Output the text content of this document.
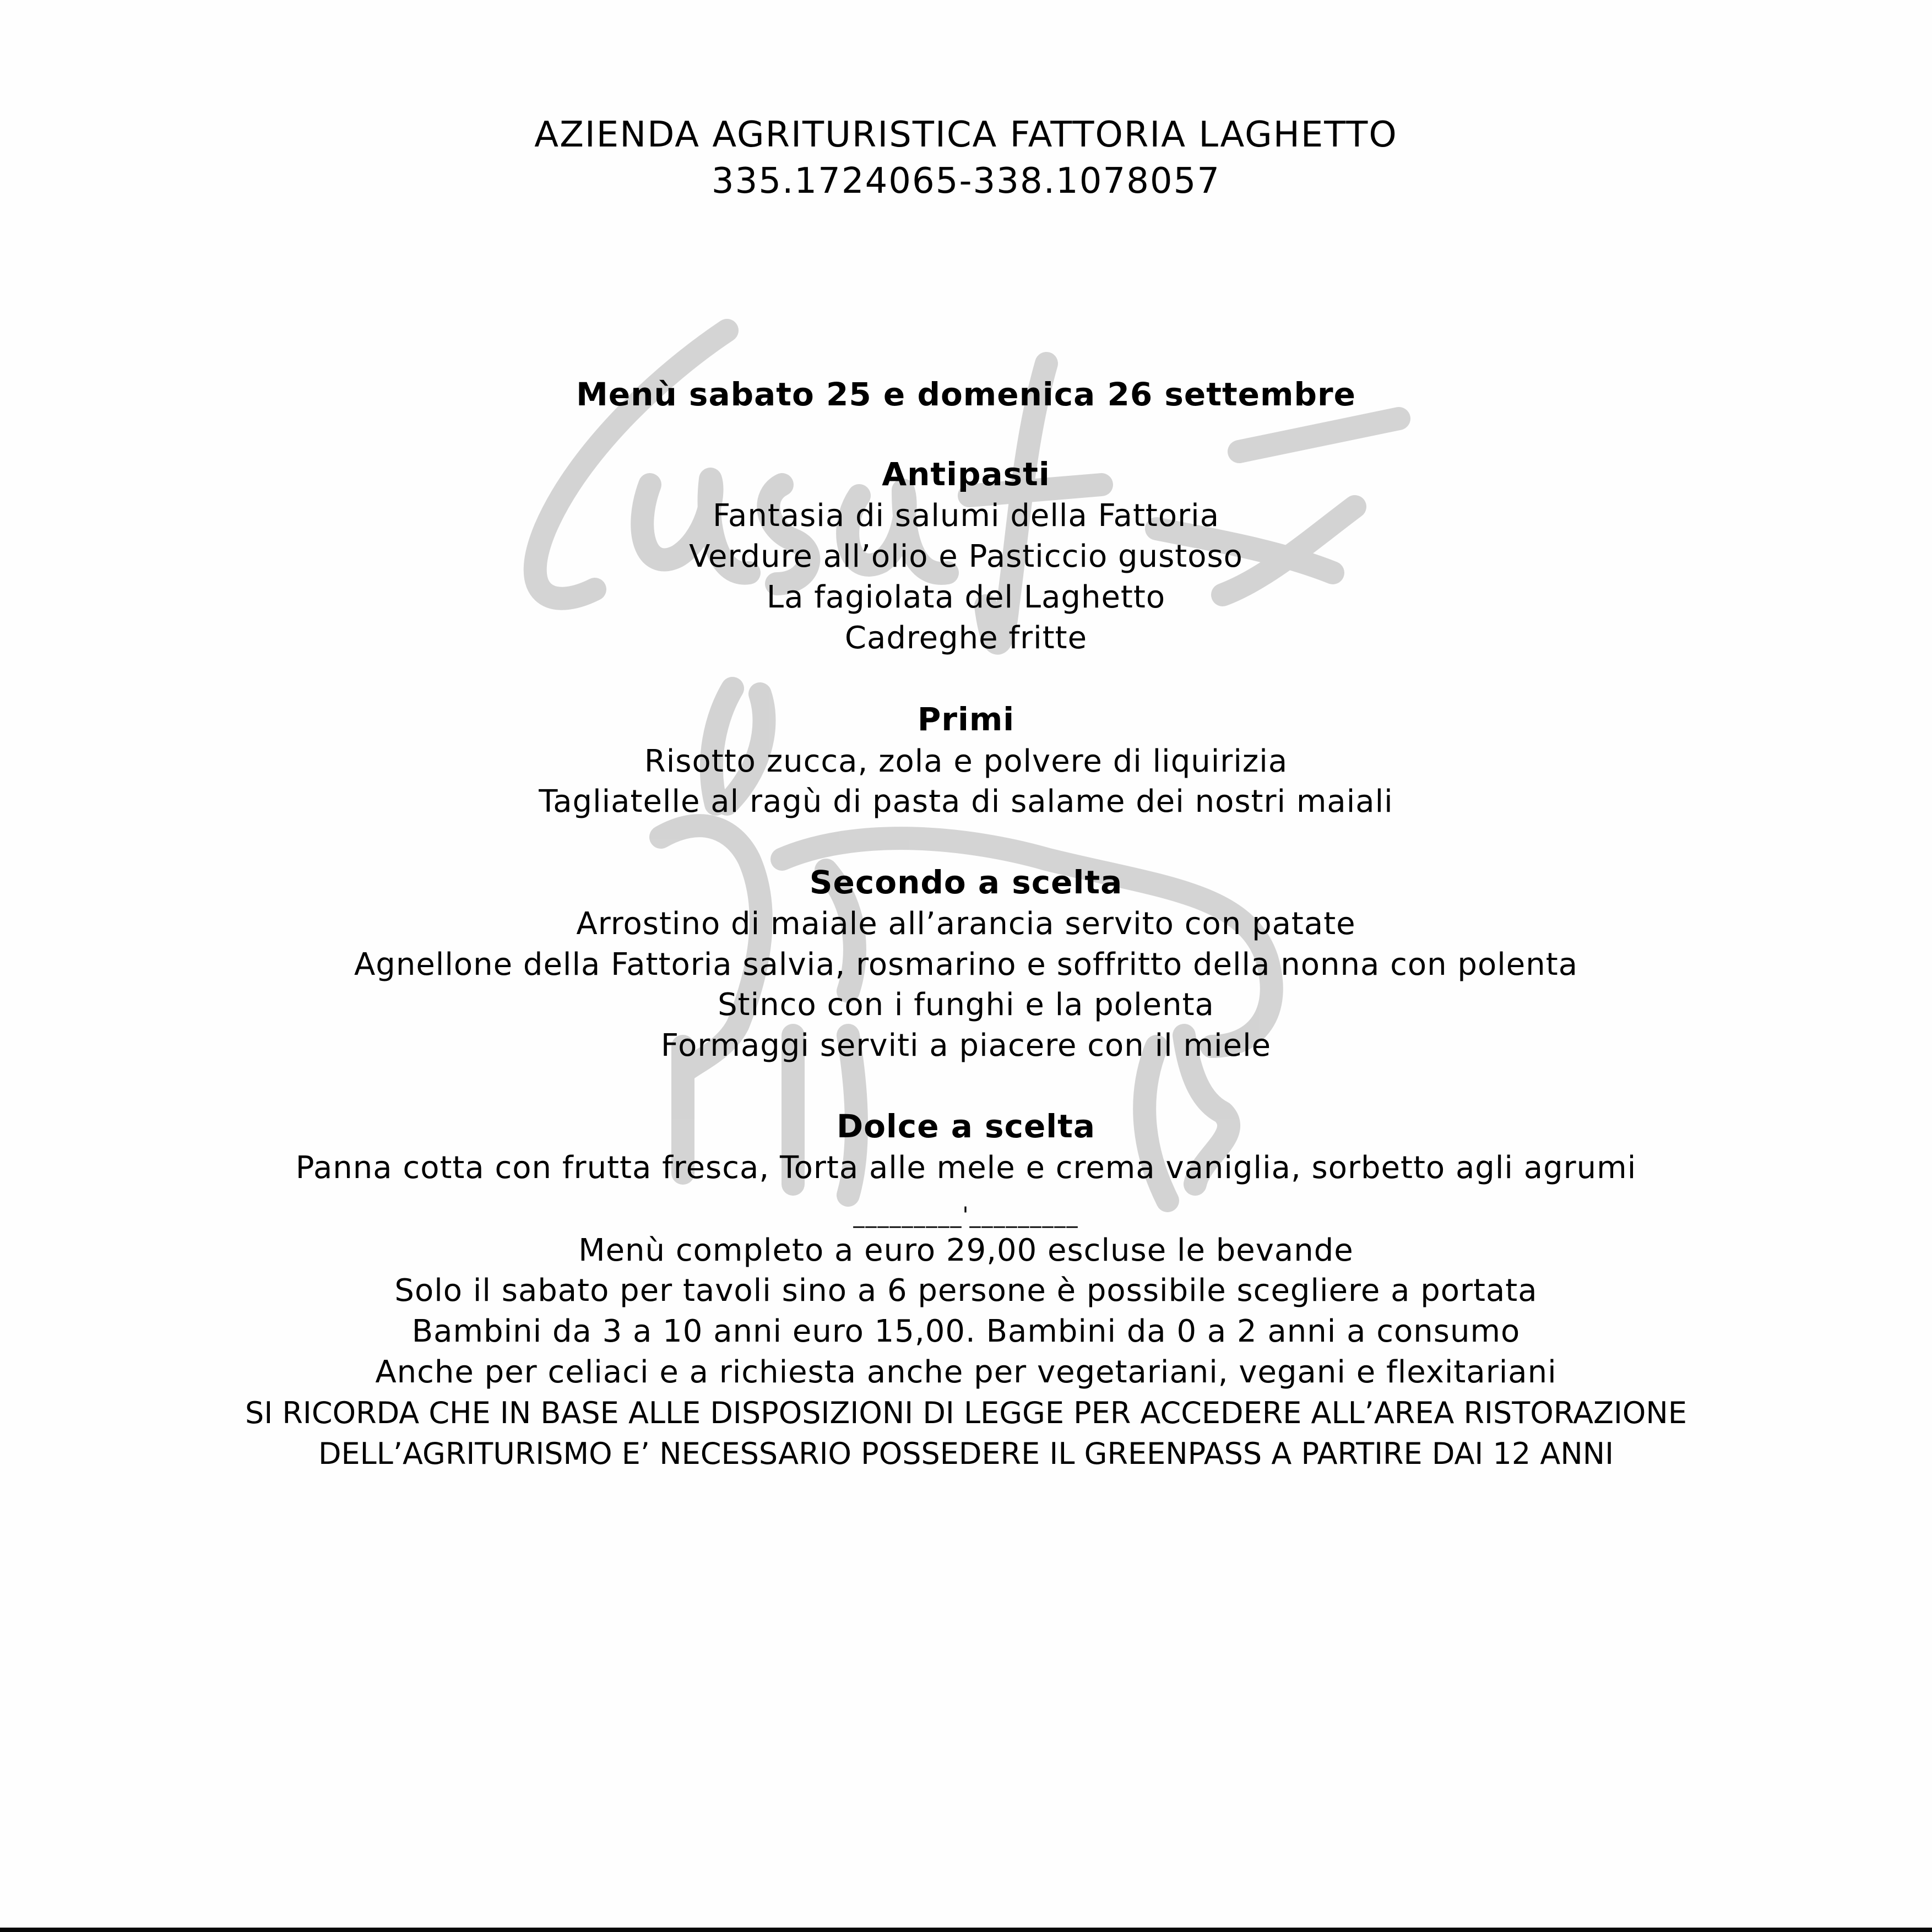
AZIENDA AGRITURISTICA FATTORIA LAGHETTO
335.1724065-338.1078057
Menù sabato 25 e domenica 26 settembre
Antipasti
Fantasia di salumi della Fattoria
Verdure all’olio e Pasticcio gustoso
La fagiolata del Laghetto
Cadreghe fritte
Primi
Risotto zucca, zola e polvere di liquirizia
Tagliatelle al ragù di pasta di salame dei nostri maiali
Secondo a scelta
Arrostino di maiale all’arancia servito con patate
Agnellone della Fattoria salvia, rosmarino e soffritto della nonna con polenta
Stinco con i funghi e la polenta
Formaggi serviti a piacere con il miele
Dolce a scelta
Panna cotta con frutta fresca, Torta alle mele e crema vaniglia, sorbetto agli agrumi
_________'_________
Menù completo a euro 29,00 escluse le bevande
Solo il sabato per tavoli sino a 6 persone è possibile scegliere a portata
Bambini da 3 a 10 anni euro 15,00. Bambini da 0 a 2 anni a consumo
Anche per celiaci e a richiesta anche per vegetariani, vegani e flexitariani
SI RICORDA CHE IN BASE ALLE DISPOSIZIONI DI LEGGE PER ACCEDERE ALL’AREA RISTORAZIONE
DELL’AGRITURISMO E’ NECESSARIO POSSEDERE IL GREENPASS A PARTIRE DAI 12 ANNI
